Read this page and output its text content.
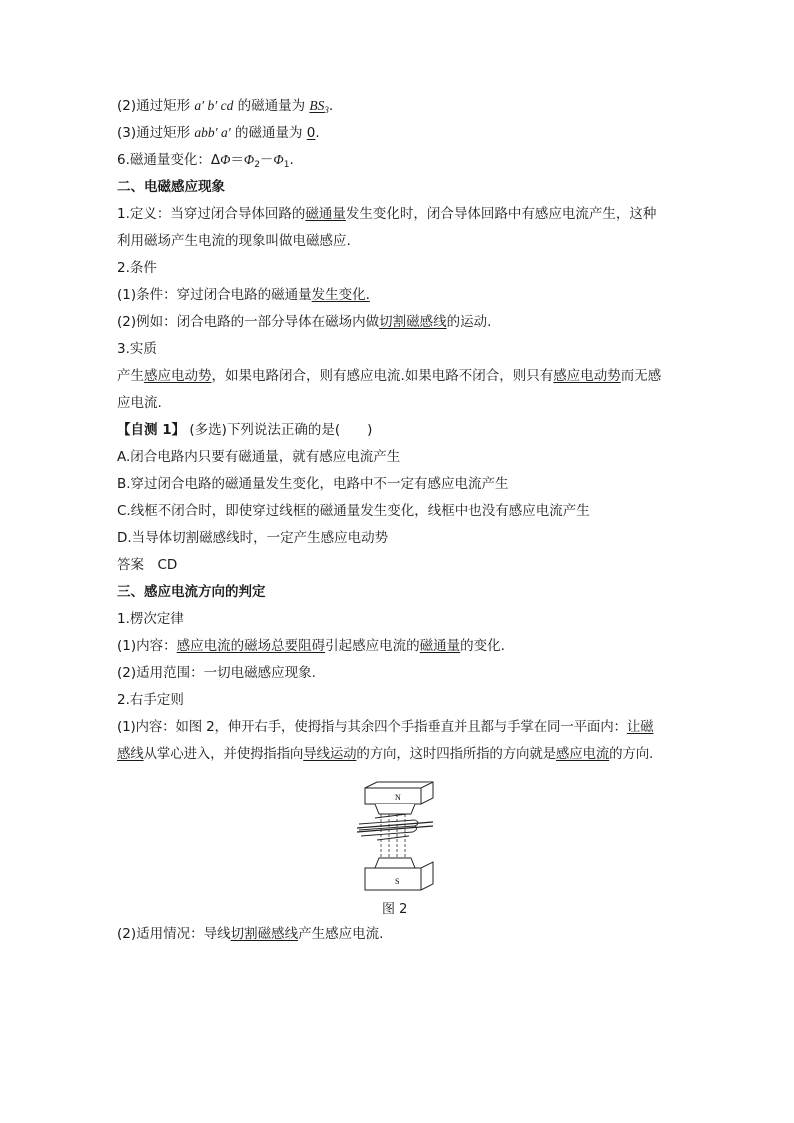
(2)通过矩形 a′ b′ cd 的磁通量为 $BS_3$.
(3)通过矩形 abb′ a′ 的磁通量为 0.
6.磁通量变化：$\Delta\Phi=\Phi_2-\Phi_1$.
二、电磁感应现象
1.定义：当穿过闭合导体回路的磁通量发生变化时，闭合导体回路中有感应电流产生，这种
利用磁场产生电流的现象叫做电磁感应.
2.条件
(1)条件：穿过闭合电路的磁通量发生变化.
(2)例如：闭合电路的一部分导体在磁场内做切割磁感线的运动.
3.实质
产生感应电动势，如果电路闭合，则有感应电流.如果电路不闭合，则只有感应电动势而无感
应电流.
【自测 1】 (多选)下列说法正确的是(　　)
A.闭合电路内只要有磁通量，就有感应电流产生
B.穿过闭合电路的磁通量发生变化，电路中不一定有感应电流产生
C.线框不闭合时，即使穿过线框的磁通量发生变化，线框中也没有感应电流产生
D.当导体切割磁感线时，一定产生感应电动势
答案　CD
三、感应电流方向的判定
1.楞次定律
(1)内容：感应电流的磁场总要阻碍引起感应电流的磁通量的变化.
(2)适用范围：一切电磁感应现象.
2.右手定则
(1)内容：如图 2，伸开右手，使拇指与其余四个手指垂直并且都与手掌在同一平面内：让磁
感线从掌心进入，并使拇指指向导线运动的方向，这时四指所指的方向就是感应电流的方向.
N
S
图 2
(2)适用情况：导线切割磁感线产生感应电流.
